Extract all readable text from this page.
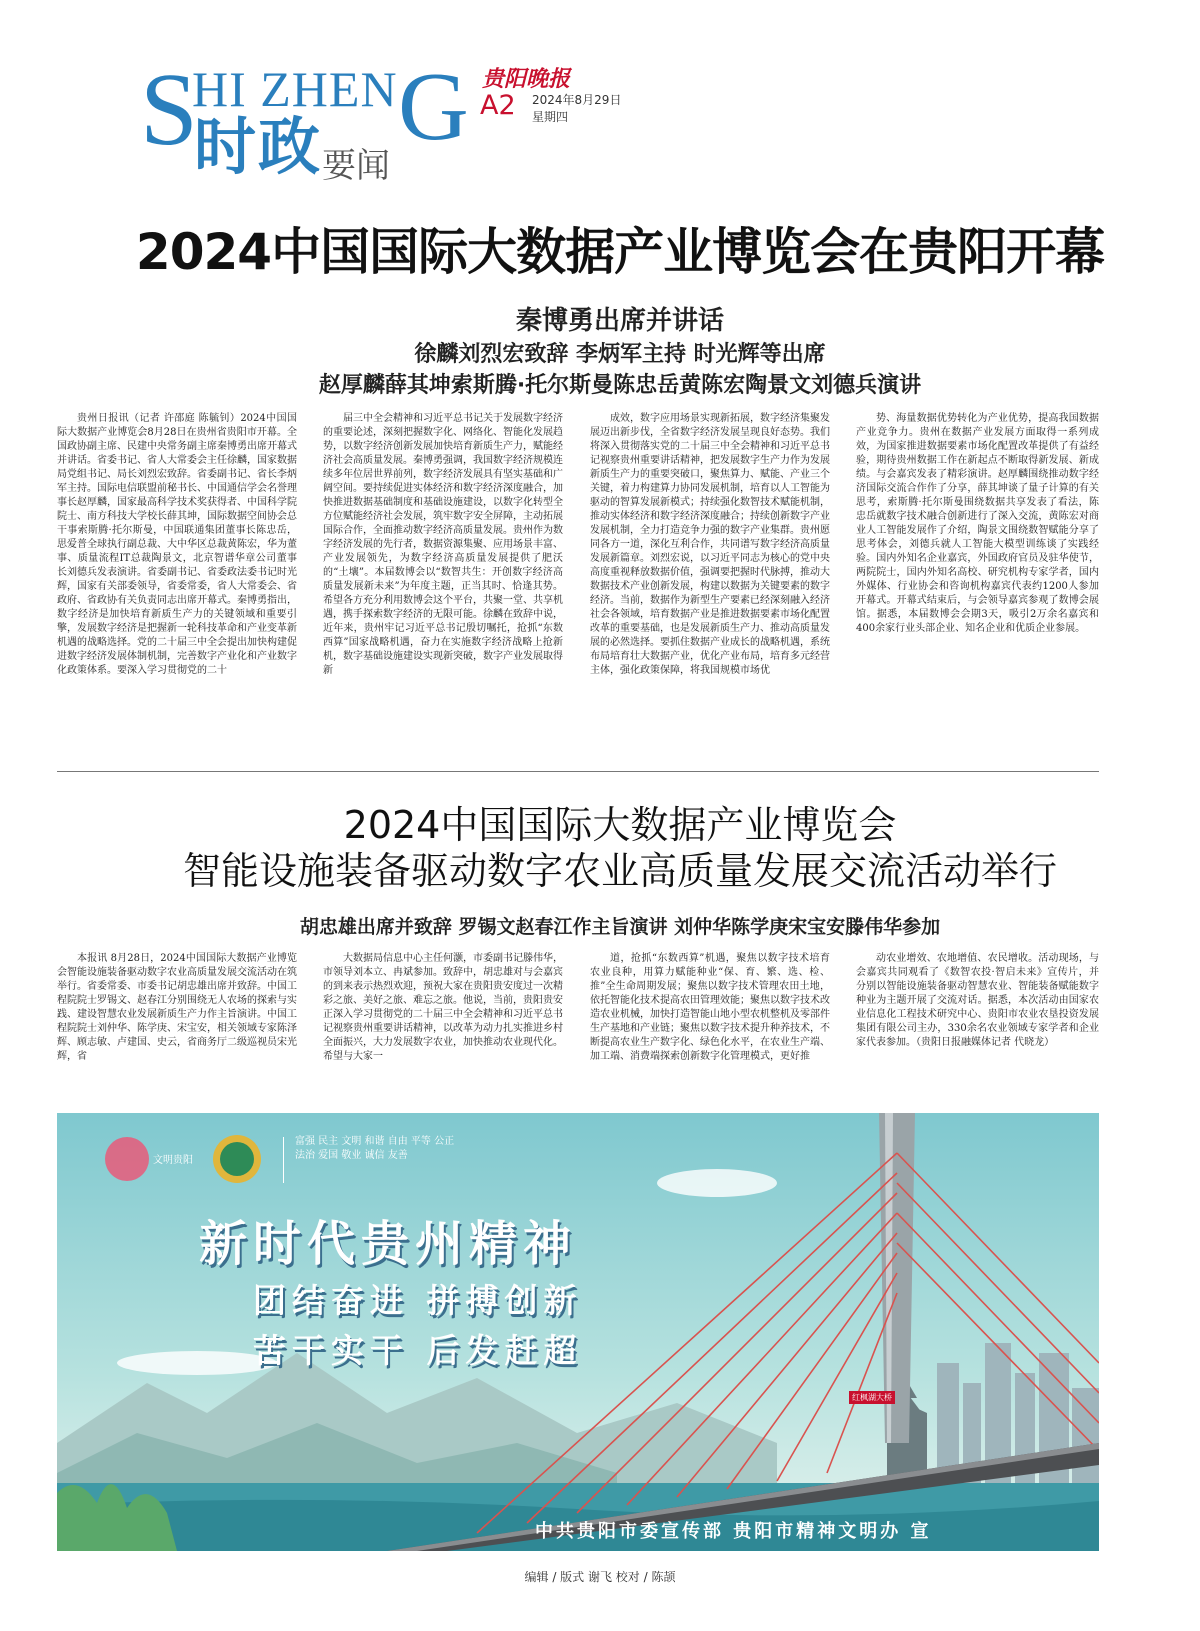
S
HI ZHEN G
时政 要闻
贵阳晚报
A2 2024年8月29日
星期四
2024中国国际大数据产业博览会在贵阳开幕
秦博勇出席并讲话
徐麟刘烈宏致辞 李炳军主持 时光辉等出席
赵厚麟薛其坤索斯腾·托尔斯曼陈忠岳黄陈宏陶景文刘德兵演讲

贵州日报讯（记者 许邵庭 陈毓钊）2024中国国际大数据产业博览会8月28日在贵州省贵阳市开幕。全国政协副主席、民建中央常务副主席秦博勇出席开幕式并讲话。省委书记、省人大常委会主任徐麟，国家数据局党组书记、局长刘烈宏致辞。省委副书记、省长李炳军主持。国际电信联盟前秘书长、中国通信学会名誉理事长赵厚麟，国家最高科学技术奖获得者、中国科学院院士、南方科技大学校长薛其坤，国际数据空间协会总干事索斯腾·托尔斯曼，中国联通集团董事长陈忠岳，思爱普全球执行副总裁、大中华区总裁黄陈宏，华为董事、质量流程IT总裁陶景文，北京智谱华章公司董事长刘德兵发表演讲。省委副书记、省委政法委书记时光辉，国家有关部委领导，省委常委，省人大常委会、省政府、省政协有关负责同志出席开幕式。秦博勇指出，数字经济是加快培育新质生产力的关键领域和重要引擎，发展数字经济是把握新一轮科技革命和产业变革新机遇的战略选择。党的二十届三中全会提出加快构建促进数字经济发展体制机制，完善数字产业化和产业数字化政策体系。要深入学习贯彻党的二十

届三中全会精神和习近平总书记关于发展数字经济的重要论述，深刻把握数字化、网络化、智能化发展趋势，以数字经济创新发展加快培育新质生产力，赋能经济社会高质量发展。秦博勇强调，我国数字经济规模连续多年位居世界前列，数字经济发展具有坚实基础和广阔空间。要持续促进实体经济和数字经济深度融合，加快推进数据基础制度和基础设施建设，以数字化转型全方位赋能经济社会发展，筑牢数字安全屏障，主动拓展国际合作，全面推动数字经济高质量发展。贵州作为数字经济发展的先行者，数据资源集聚、应用场景丰富、产业发展领先，为数字经济高质量发展提供了肥沃的“土壤”。本届数博会以“数智共生：开创数字经济高质量发展新未来”为年度主题，正当其时、恰逢其势。希望各方充分利用数博会这个平台，共聚一堂、共享机遇，携手探索数字经济的无限可能。徐麟在致辞中说，近年来，贵州牢记习近平总书记殷切嘱托，抢抓“东数西算”国家战略机遇，奋力在实施数字经济战略上抢新机，数字基础设施建设实现新突破，数字产业发展取得新

成效，数字应用场景实现新拓展，数字经济集聚发展迈出新步伐，全省数字经济发展呈现良好态势。我们将深入贯彻落实党的二十届三中全会精神和习近平总书记视察贵州重要讲话精神，把发展数字生产力作为发展新质生产力的重要突破口，聚焦算力、赋能、产业三个关键，着力构建算力协同发展机制，培育以人工智能为驱动的智算发展新模式；持续强化数智技术赋能机制，推动实体经济和数字经济深度融合；持续创新数字产业发展机制，全力打造竞争力强的数字产业集群。贵州愿同各方一道，深化互利合作，共同谱写数字经济高质量发展新篇章。刘烈宏说，以习近平同志为核心的党中央高度重视释放数据价值，强调要把握时代脉搏，推动大数据技术产业创新发展，构建以数据为关键要素的数字经济。当前，数据作为新型生产要素已经深刻融入经济社会各领域，培育数据产业是推进数据要素市场化配置改革的重要基础，也是发展新质生产力、推动高质量发展的必然选择。要抓住数据产业成长的战略机遇，系统布局培育壮大数据产业，优化产业布局，培育多元经营主体，强化政策保障，将我国规模市场优

势、海量数据优势转化为产业优势，提高我国数据产业竞争力。贵州在数据产业发展方面取得一系列成效，为国家推进数据要素市场化配置改革提供了有益经验，期待贵州数据工作在新起点不断取得新发展、新成绩。与会嘉宾发表了精彩演讲。赵厚麟围绕推动数字经济国际交流合作作了分享，薛其坤谈了量子计算的有关思考，索斯腾·托尔斯曼围绕数据共享发表了看法，陈忠岳就数字技术融合创新进行了深入交流，黄陈宏对商业人工智能发展作了介绍，陶景文围绕数智赋能分享了思考体会，刘德兵就人工智能大模型训练谈了实践经验。国内外知名企业嘉宾，外国政府官员及驻华使节，两院院士，国内外知名高校、研究机构专家学者，国内外媒体、行业协会和咨询机构嘉宾代表约1200人参加开幕式。开幕式结束后，与会领导嘉宾参观了数博会展馆。据悉，本届数博会会期3天，吸引2万余名嘉宾和400余家行业头部企业、知名企业和优质企业参展。

2024中国国际大数据产业博览会
智能设施装备驱动数字农业高质量发展交流活动举行
胡忠雄出席并致辞 罗锡文赵春江作主旨演讲 刘仲华陈学庚宋宝安滕伟华参加

本报讯 8月28日，2024中国国际大数据产业博览会智能设施装备驱动数字农业高质量发展交流活动在筑举行。省委常委、市委书记胡忠雄出席并致辞。中国工程院院士罗锡文、赵春江分别围绕无人农场的探索与实践、建设智慧农业发展新质生产力作主旨演讲。中国工程院院士刘仲华、陈学庚、宋宝安，相关领域专家陈泽辉、顾志敏、卢建国、史云，省商务厅二级巡视员宋光辉，省

大数据局信息中心主任何灏，市委副书记滕伟华，市领导刘本立、冉斌参加。致辞中，胡忠雄对与会嘉宾的到来表示热烈欢迎，预祝大家在贵阳贵安度过一次精彩之旅、美好之旅、难忘之旅。他说，当前，贵阳贵安正深入学习贯彻党的二十届三中全会精神和习近平总书记视察贵州重要讲话精神，以改革为动力扎实推进乡村全面振兴，大力发展数字农业，加快推动农业现代化。希望与大家一

道，抢抓“东数西算”机遇，聚焦以数字技术培育农业良种，用算力赋能种业“保、育、繁、选、检、推”全生命周期发展；聚焦以数字技术管理农田土地，依托智能化技术提高农田管理效能；聚焦以数字技术改造农业机械，加快打造智能山地小型农机整机及零部件生产基地和产业链；聚焦以数字技术提升种养技术，不断提高农业生产数字化、绿色化水平，在农业生产端、加工端、消费端探索创新数字化管理模式，更好推

动农业增效、农地增值、农民增收。活动现场，与会嘉宾共同观看了《数智农投·智启未来》宣传片，并分别以智能设施装备驱动智慧农业、智能装备赋能数字种业为主题开展了交流对话。据悉，本次活动由国家农业信息化工程技术研究中心、贵阳市农业农垦投资发展集团有限公司主办，330余名农业领域专家学者和企业家代表参加。（贵阳日报融媒体记者 代晓龙）

文明贵阳
富强 民主 文明 和谐 自由 平等 公正 法治 爱国 敬业 诚信 友善
新时代贵州精神
团结奋进 拼搏创新
苦干实干 后发赶超
红枫湖大桥
中共贵阳市委宣传部 贵阳市精神文明办 宣
编辑 / 版式 谢飞 校对 / 陈颉
